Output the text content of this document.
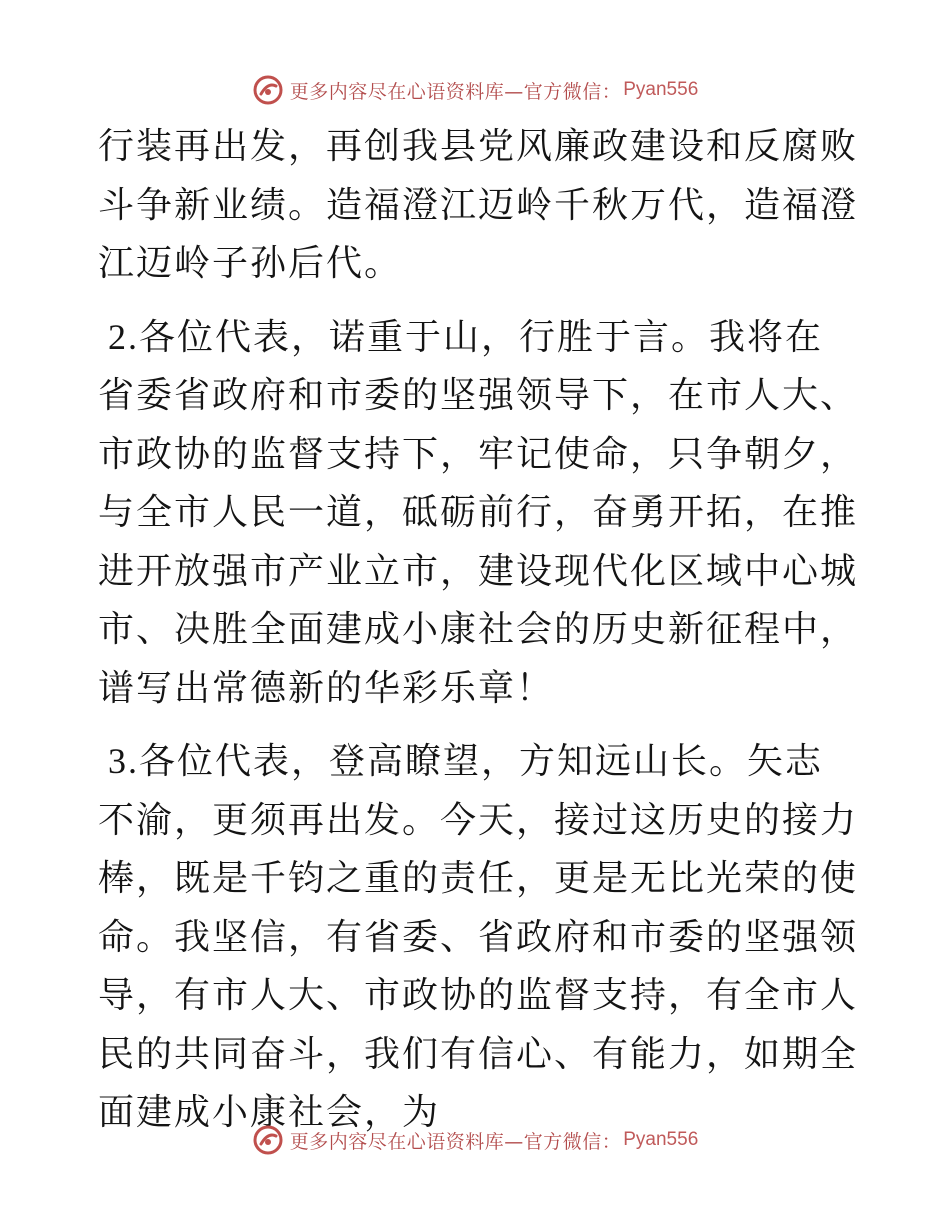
更多内容尽在心语资料库—官方微信： Pyan556

行装再出发，再创我县党风廉政建设和反腐败斗争新业绩。造福澄江迈岭千秋万代，造福澄江迈岭子孙后代。

2.各位代表，诺重于山，行胜于言。我将在省委省政府和市委的坚强领导下，在市人大、市政协的监督支持下，牢记使命，只争朝夕，与全市人民一道，砥砺前行，奋勇开拓，在推进开放强市产业立市，建设现代化区域中心城市、决胜全面建成小康社会的历史新征程中，谱写出常德新的华彩乐章！

3.各位代表，登高瞭望，方知远山长。矢志不渝，更须再出发。今天，接过这历史的接力棒，既是千钧之重的责任，更是无比光荣的使命。我坚信，有省委、省政府和市委的坚强领导，有市人大、市政协的监督支持，有全市人民的共同奋斗，我们有信心、有能力，如期全面建成小康社会，为

更多内容尽在心语资料库—官方微信： Pyan556
